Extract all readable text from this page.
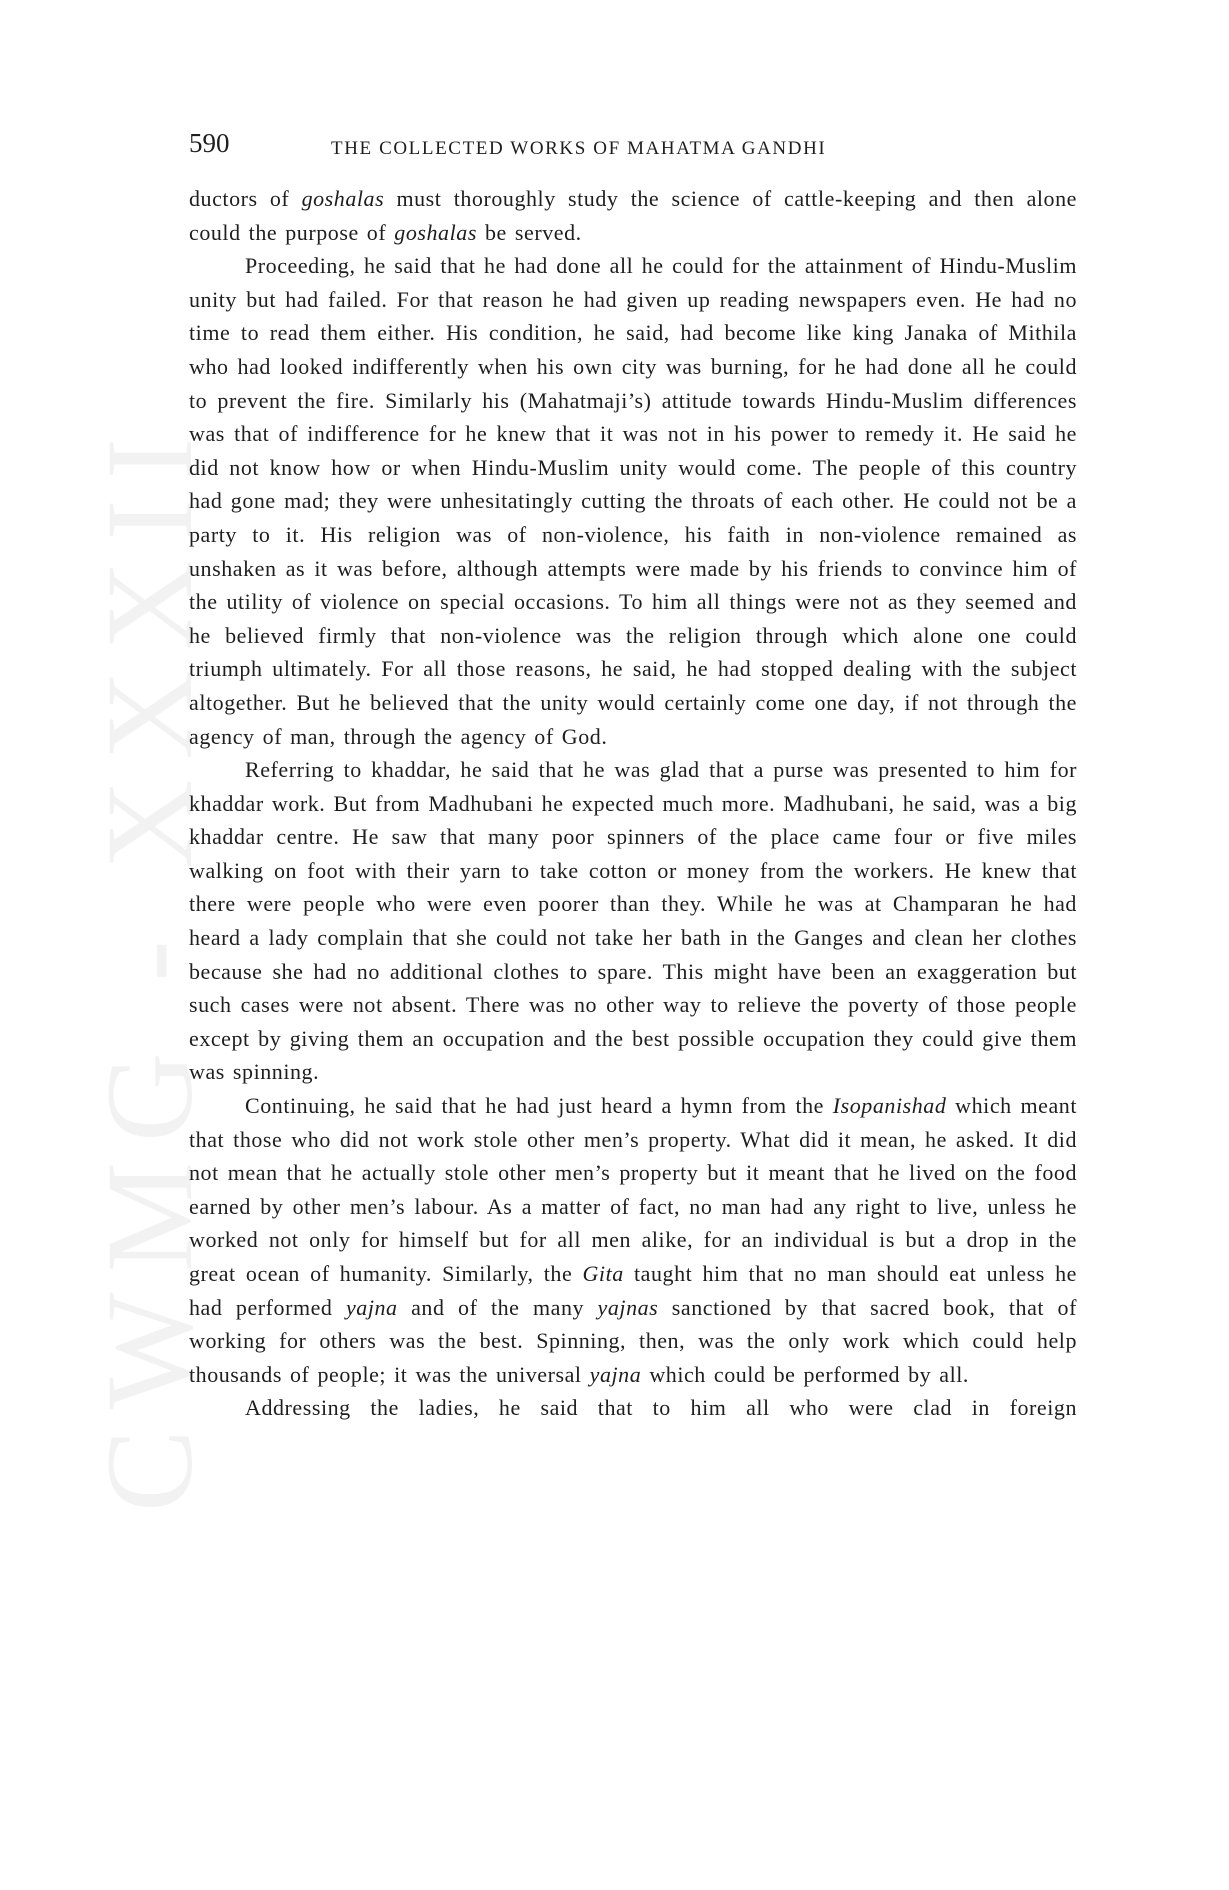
CWMG - XXXII
590	THE COLLECTED WORKS OF MAHATMA GANDHI

ductors of goshalas must thoroughly study the science of cattle-keeping and then alone could the purpose of goshalas be served.

Proceeding, he said that he had done all he could for the attainment of Hindu-Muslim unity but had failed. For that reason he had given up reading newspapers even. He had no time to read them either. His condition, he said, had become like king Janaka of Mithila who had looked indifferently when his own city was burning, for he had done all he could to prevent the fire. Similarly his (Mahatmaji’s) attitude towards Hindu-Muslim differences was that of indifference for he knew that it was not in his power to remedy it. He said he did not know how or when Hindu-Muslim unity would come. The people of this country had gone mad; they were unhesitatingly cutting the throats of each other. He could not be a party to it. His religion was of non-violence, his faith in non-violence remained as unshaken as it was before, although attempts were made by his friends to convince him of the utility of violence on special occasions. To him all things were not as they seemed and he believed firmly that non-violence was the religion through which alone one could triumph ultimately. For all those reasons, he said, he had stopped dealing with the subject altogether. But he believed that the unity would certainly come one day, if not through the agency of man, through the agency of God.

Referring to khaddar, he said that he was glad that a purse was presented to him for khaddar work. But from Madhubani he expected much more. Madhubani, he said, was a big khaddar centre. He saw that many poor spinners of the place came four or five miles walking on foot with their yarn to take cotton or money from the workers. He knew that there were people who were even poorer than they. While he was at Champaran he had heard a lady complain that she could not take her bath in the Ganges and clean her clothes because she had no additional clothes to spare. This might have been an exaggeration but such cases were not absent. There was no other way to relieve the poverty of those people except by giving them an occupation and the best possible occupation they could give them was spinning.

Continuing, he said that he had just heard a hymn from the Isopanishad which meant that those who did not work stole other men’s property. What did it mean, he asked. It did not mean that he actually stole other men’s property but it meant that he lived on the food earned by other men’s labour. As a matter of fact, no man had any right to live, unless he worked not only for himself but for all men alike, for an individual is but a drop in the great ocean of humanity. Similarly, the Gita taught him that no man should eat unless he had performed yajna and of the many yajnas sanctioned by that sacred book, that of working for others was the best. Spinning, then, was the only work which could help thousands of people; it was the universal yajna which could be performed by all.

Addressing the ladies, he said that to him all who were clad in foreign
